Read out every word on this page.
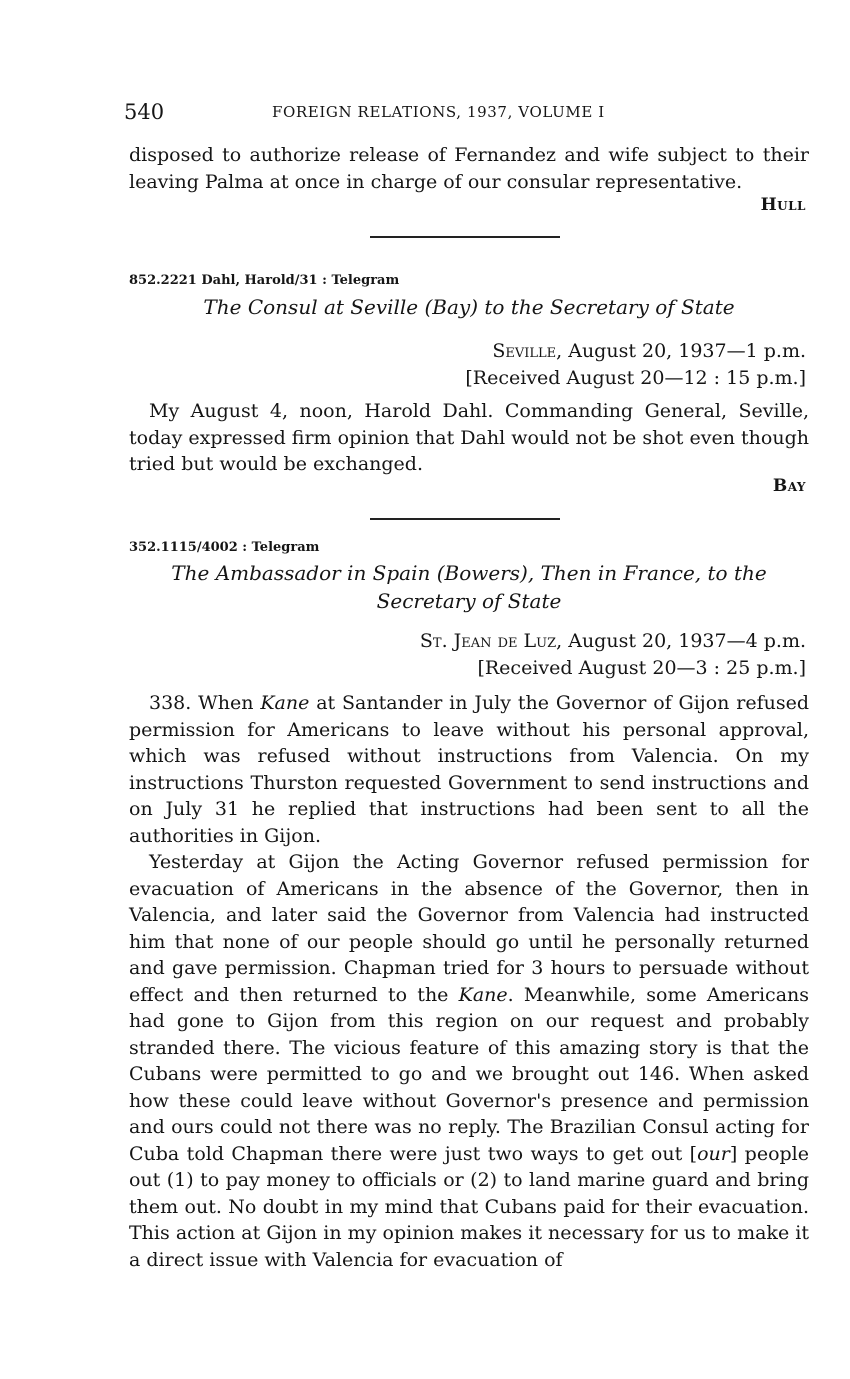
540	FOREIGN RELATIONS, 1937, VOLUME I

disposed to authorize release of Fernandez and wife subject to their leaving Palma at once in charge of our consular representative.

Hull
852.2221 Dahl, Harold/31 : Telegram
The Consul at Seville (Bay) to the Secretary of State
Seville, August 20, 1937—1 p.m.
[Received August 20—12 : 15 p.m.]

My August 4, noon, Harold Dahl. Commanding General, Seville, today expressed firm opinion that Dahl would not be shot even though tried but would be exchanged.

Bay
352.1115/4002 : Telegram
The Ambassador in Spain (Bowers), Then in France, to the Secretary of State
St. Jean de Luz, August 20, 1937—4 p.m.
[Received August 20—3 : 25 p.m.]

338. When Kane at Santander in July the Governor of Gijon refused permission for Americans to leave without his personal approval, which was refused without instructions from Valencia. On my instructions Thurston requested Government to send instructions and on July 31 he replied that instructions had been sent to all the authorities in Gijon.

Yesterday at Gijon the Acting Governor refused permission for evacuation of Americans in the absence of the Governor, then in Valencia, and later said the Governor from Valencia had instructed him that none of our people should go until he personally returned and gave permission. Chapman tried for 3 hours to persuade without effect and then returned to the Kane. Meanwhile, some Americans had gone to Gijon from this region on our request and probably stranded there. The vicious feature of this amazing story is that the Cubans were permitted to go and we brought out 146. When asked how these could leave without Governor's presence and permission and ours could not there was no reply. The Brazilian Consul acting for Cuba told Chapman there were just two ways to get out [our] people out (1) to pay money to officials or (2) to land marine guard and bring them out. No doubt in my mind that Cubans paid for their evacuation. This action at Gijon in my opinion makes it necessary for us to make it a direct issue with Valencia for evacuation of
